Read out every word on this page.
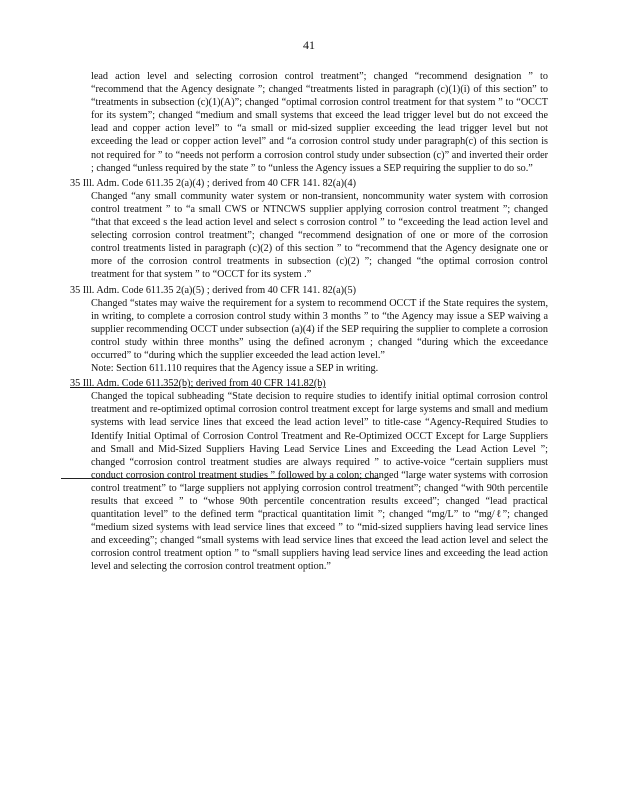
41
lead action level and selecting corrosion control treatment”; changed “recommend designation ” to “recommend that the Agency designate ”; changed “treatments listed in paragraph (c)(1)(i) of this section” to “treatments in subsection (c)(1)(A)”; changed “optimal corrosion control treatment for that system ” to “OCCT for its system”; changed “medium and small systems that exceed the lead trigger level but do not exceed the lead and copper action level” to “a small or mid-sized supplier exceeding the lead trigger level but not exceeding the lead or copper action level” and “a corrosion control study under paragraph(c) of this section is not required for ” to “needs not perform a corrosion control study under subsection (c)” and inverted their order ; changed “unless required by the state ” to “unless the Agency issues a SEP requiring the supplier to do so.”
35 Ill. Adm. Code 611.35 2(a)(4) ; derived from 40 CFR 141. 82(a)(4)
Changed “any small community water system or non-transient, noncommunity water system with corrosion control treatment ” to “a small CWS or NTNCWS supplier applying corrosion control treatment ”; changed “that that exceed s the lead action level and select s corrosion control ” to “exceeding the lead action level and selecting corrosion control treatment”; changed “recommend designation of one or more of the corrosion control treatments listed in paragraph (c)(2) of this section ” to “recommend that the Agency designate one or more of the corrosion control treatments in subsection (c)(2) ”; changed “the optimal corrosion control treatment for that system ” to “OCCT for its system .”
35 Ill. Adm. Code 611.35 2(a)(5) ; derived from 40 CFR 141. 82(a)(5)
Changed “states may waive the requirement for a system to recommend OCCT if the State requires the system, in writing, to complete a corrosion control study within 3 months ” to “the Agency may issue a SEP waiving a supplier recommending OCCT under subsection (a)(4) if the SEP requiring the supplier to complete a corrosion control study within three months” using the defined acronym ; changed “during which the exceedance occurred” to “during which the supplier exceeded the lead action level.”
Note: Section 611.110 requires that the Agency issue a SEP in writing.
35 Ill. Adm. Code 611.352(b); derived from 40 CFR 141.82(b)
Changed the topical subheading “State decision to require studies to identify initial optimal corrosion control treatment and re-optimized optimal corrosion control treatment except for large systems and small and medium systems with lead service lines that exceed the lead action level” to title-case “Agency-Required Studies to Identify Initial Optimal of Corrosion Control Treatment and Re-Optimized OCCT Except for Large Suppliers and Small and Mid-Sized Suppliers Having Lead Service Lines and Exceeding the Lead Action Level ”; changed “corrosion control treatment studies are always required ” to active-voice “certain suppliers must conduct corrosion control treatment studies ” followed by a colon; changed “large water systems with corrosion control treatment” to “large suppliers not applying corrosion control treatment”; changed “with 90th percentile results that exceed ” to “whose 90th percentile concentration results exceed”; changed “lead practical quantitation level” to the defined term “practical quantitation limit ”; changed “mg/L” to “mg/ℓ”; changed “medium sized systems with lead service lines that exceed ” to “mid-sized suppliers having lead service lines and exceeding”; changed “small systems with lead service lines that exceed the lead action level and select the corrosion control treatment option ” to “small suppliers having lead service lines and exceeding the lead action level and selecting the corrosion control treatment option.”
